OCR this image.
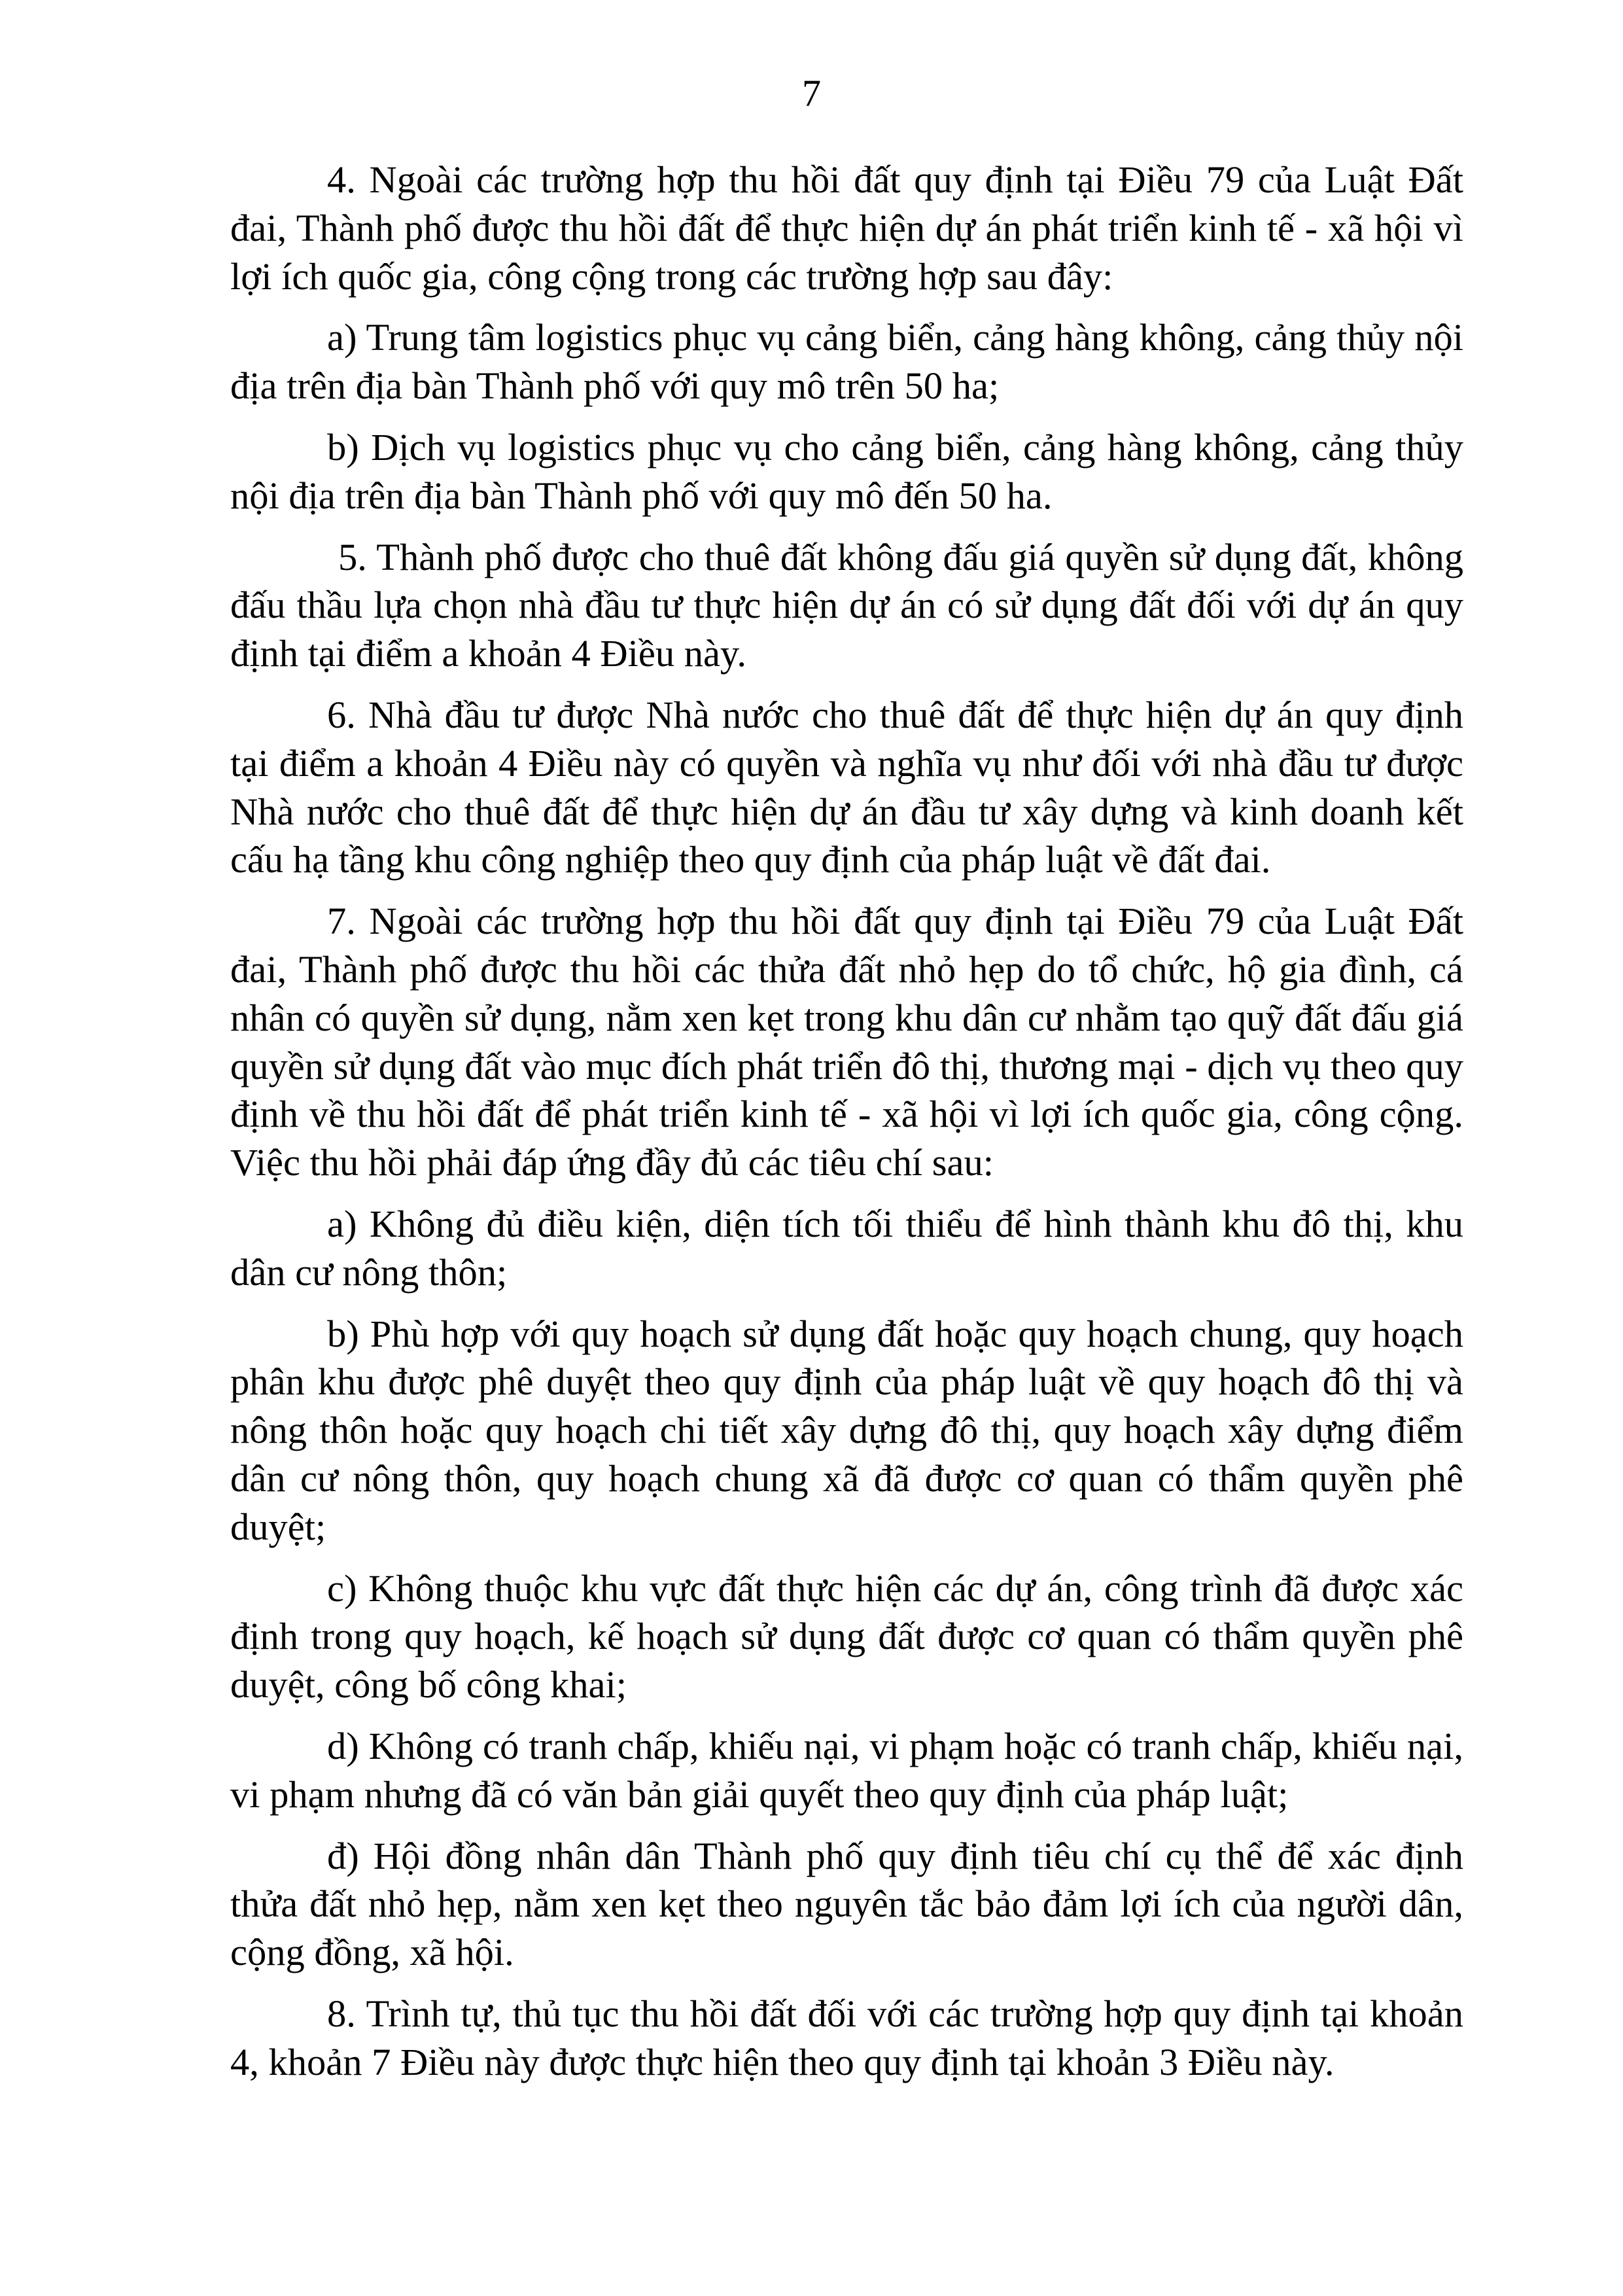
7

4. Ngoài các trường hợp thu hồi đất quy định tại Điều 79 của Luật Đất đai, Thành phố được thu hồi đất để thực hiện dự án phát triển kinh tế - xã hội vì lợi ích quốc gia, công cộng trong các trường hợp sau đây:

a) Trung tâm logistics phục vụ cảng biển, cảng hàng không, cảng thủy nội địa trên địa bàn Thành phố với quy mô trên 50 ha;

b) Dịch vụ logistics phục vụ cho cảng biển, cảng hàng không, cảng thủy nội địa trên địa bàn Thành phố với quy mô đến 50 ha.

5. Thành phố được cho thuê đất không đấu giá quyền sử dụng đất, không đấu thầu lựa chọn nhà đầu tư thực hiện dự án có sử dụng đất đối với dự án quy định tại điểm a khoản 4 Điều này.

6. Nhà đầu tư được Nhà nước cho thuê đất để thực hiện dự án quy định tại điểm a khoản 4 Điều này có quyền và nghĩa vụ như đối với nhà đầu tư được Nhà nước cho thuê đất để thực hiện dự án đầu tư xây dựng và kinh doanh kết cấu hạ tầng khu công nghiệp theo quy định của pháp luật về đất đai.

7. Ngoài các trường hợp thu hồi đất quy định tại Điều 79 của Luật Đất đai, Thành phố được thu hồi các thửa đất nhỏ hẹp do tổ chức, hộ gia đình, cá nhân có quyền sử dụng, nằm xen kẹt trong khu dân cư nhằm tạo quỹ đất đấu giá quyền sử dụng đất vào mục đích phát triển đô thị, thương mại - dịch vụ theo quy định về thu hồi đất để phát triển kinh tế - xã hội vì lợi ích quốc gia, công cộng. Việc thu hồi phải đáp ứng đầy đủ các tiêu chí sau:

a) Không đủ điều kiện, diện tích tối thiểu để hình thành khu đô thị, khu dân cư nông thôn;

b) Phù hợp với quy hoạch sử dụng đất hoặc quy hoạch chung, quy hoạch phân khu được phê duyệt theo quy định của pháp luật về quy hoạch đô thị và nông thôn hoặc quy hoạch chi tiết xây dựng đô thị, quy hoạch xây dựng điểm dân cư nông thôn, quy hoạch chung xã đã được cơ quan có thẩm quyền phê duyệt;

c) Không thuộc khu vực đất thực hiện các dự án, công trình đã được xác định trong quy hoạch, kế hoạch sử dụng đất được cơ quan có thẩm quyền phê duyệt, công bố công khai;

d) Không có tranh chấp, khiếu nại, vi phạm hoặc có tranh chấp, khiếu nại, vi phạm nhưng đã có văn bản giải quyết theo quy định của pháp luật;

đ) Hội đồng nhân dân Thành phố quy định tiêu chí cụ thể để xác định thửa đất nhỏ hẹp, nằm xen kẹt theo nguyên tắc bảo đảm lợi ích của người dân, cộng đồng, xã hội.

8. Trình tự, thủ tục thu hồi đất đối với các trường hợp quy định tại khoản 4, khoản 7 Điều này được thực hiện theo quy định tại khoản 3 Điều này.
